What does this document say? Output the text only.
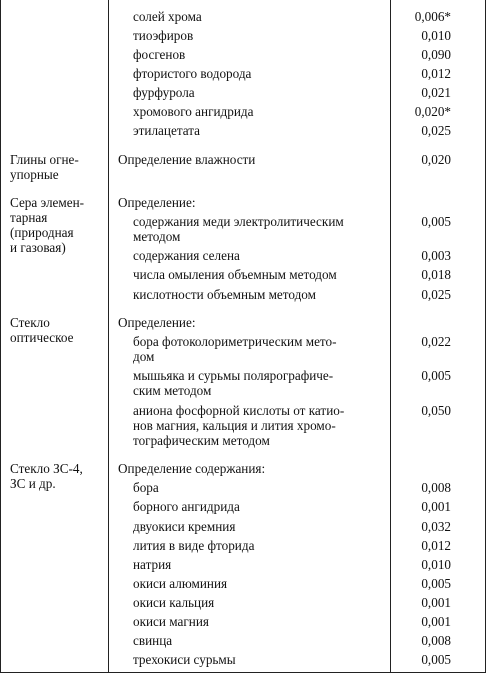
солей хрома	0,006*
тиоэфиров	0,010
фосгенов	0,090
фтористого водорода	0,012
фурфурола	0,021
хромового ангидрида	0,020*
этилацетата	0,025
Глины огне-
упорные
Определение влажности	0,020
Сера элемен-
тарная
(природная
и газовая)
Определение:
содержания меди электролитическим
методом
0,005
содержания селена	0,003
числа омыления объемным методом	0,018
кислотности объемным методом	0,025
Стекло
оптическое
Определение:
бора фотоколориметрическим мето-
дом
0,022
мышьяка и сурьмы полярографиче-
ским методом
0,005
аниона фосфорной кислоты от катио-
нов магния, кальция и лития хромо-
тографическим методом
0,050
Стекло ЗС-4,
ЗС и др.
Определение содержания:
бора	0,008
борного ангидрида	0,001
двуокиси кремния	0,032
лития в виде фторида	0,012
натрия	0,010
окиси алюминия	0,005
окиси кальция	0,001
окиси магния	0,001
свинца	0,008
трехокиси сурьмы	0,005
